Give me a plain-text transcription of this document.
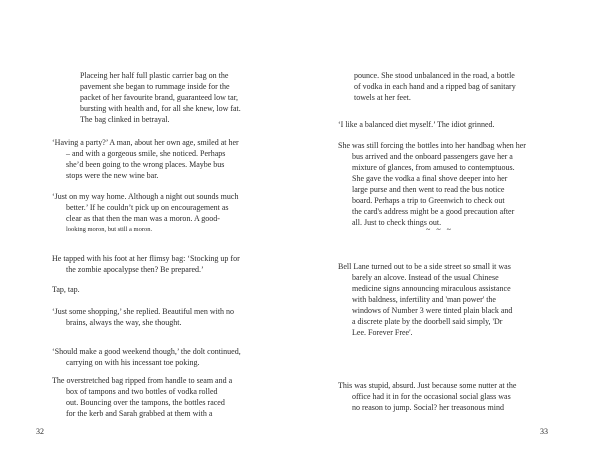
Placeing her half full plastic carrier bag on the
pavement she began to rummage inside for the
packet of her favourite brand, guaranteed low tar,
bursting with health and, for all she knew, low fat.
The bag clinked in betrayal.
‘Having a party?’ A man, about her own age, smiled at her
– and with a gorgeous smile, she noticed. Perhaps
she’d been going to the wrong places. Maybe bus
stops were the new wine bar.
‘Just on my way home. Although a night out sounds much
better.’ If he couldn’t pick up on encouragement as
clear as that then the man was a moron. A good-
looking moron, but still a moron.
He tapped with his foot at her flimsy bag: ‘Stocking up for
the zombie apocalypse then? Be prepared.’
Tap, tap.
‘Just some shopping,’ she replied. Beautiful men with no
brains, always the way, she thought.
‘Should make a good weekend though,’ the dolt continued,
carrying on with his incessant toe poking.
The overstretched bag ripped from handle to seam and a
box of tampons and two bottles of vodka rolled
out. Bouncing over the tampons, the bottles raced
for the kerb and Sarah grabbed at them with a
32
pounce. She stood unbalanced in the road, a bottle
of vodka in each hand and a ripped bag of sanitary
towels at her feet.
‘I like a balanced diet myself.’ The idiot grinned.
She was still forcing the bottles into her handbag when her
bus arrived and the onboard passengers gave her a
mixture of glances, from amused to contemptuous.
She gave the vodka a final shove deeper into her
large purse and then went to read the bus notice
board. Perhaps a trip to Greenwich to check out
the card's address might be a good precaution after
all. Just to check things out.
~ ~ ~
Bell Lane turned out to be a side street so small it was
barely an alcove. Instead of the usual Chinese
medicine signs announcing miraculous assistance
with baldness, infertility and 'man power' the
windows of Number 3 were tinted plain black and
a discrete plate by the doorbell said simply, 'Dr
Lee. Forever Free'.
This was stupid, absurd. Just because some nutter at the
office had it in for the occasional social glass was
no reason to jump. Social? her treasonous mind
33
